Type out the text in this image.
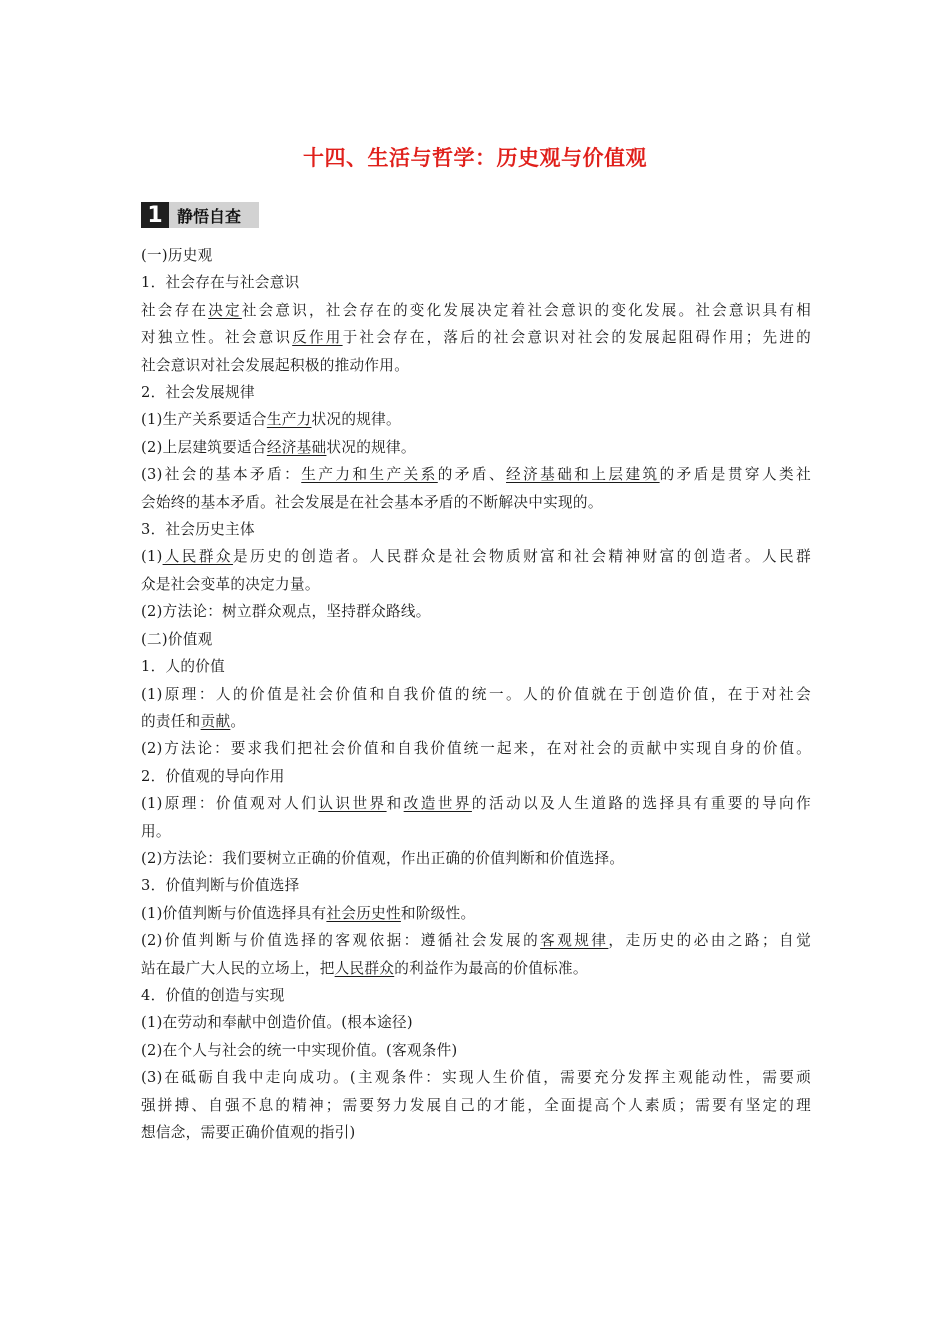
十四、生活与哲学：历史观与价值观
1 静悟自查
(一)历史观
1．社会存在与社会意识
社会存在决定社会意识，社会存在的变化发展决定着社会意识的变化发展。社会意识具有相
对独立性。社会意识反作用于社会存在，落后的社会意识对社会的发展起阻碍作用；先进的
社会意识对社会发展起积极的推动作用。
2．社会发展规律
(1)生产关系要适合生产力状况的规律。
(2)上层建筑要适合经济基础状况的规律。
(3)社会的基本矛盾：生产力和生产关系的矛盾、经济基础和上层建筑的矛盾是贯穿人类社
会始终的基本矛盾。社会发展是在社会基本矛盾的不断解决中实现的。
3．社会历史主体
(1)人民群众是历史的创造者。人民群众是社会物质财富和社会精神财富的创造者。人民群
众是社会变革的决定力量。
(2)方法论：树立群众观点，坚持群众路线。
(二)价值观
1．人的价值
(1)原理：人的价值是社会价值和自我价值的统一。人的价值就在于创造价值，在于对社会
的责任和贡献。
(2)方法论：要求我们把社会价值和自我价值统一起来，在对社会的贡献中实现自身的价值。
2．价值观的导向作用
(1)原理：价值观对人们认识世界和改造世界的活动以及人生道路的选择具有重要的导向作
用。
(2)方法论：我们要树立正确的价值观，作出正确的价值判断和价值选择。
3．价值判断与价值选择
(1)价值判断与价值选择具有社会历史性和阶级性。
(2)价值判断与价值选择的客观依据：遵循社会发展的客观规律，走历史的必由之路；自觉
站在最广大人民的立场上，把人民群众的利益作为最高的价值标准。
4．价值的创造与实现
(1)在劳动和奉献中创造价值。(根本途径)
(2)在个人与社会的统一中实现价值。(客观条件)
(3)在砥砺自我中走向成功。(主观条件：实现人生价值，需要充分发挥主观能动性，需要顽
强拼搏、自强不息的精神；需要努力发展自己的才能，全面提高个人素质；需要有坚定的理
想信念，需要正确价值观的指引)
